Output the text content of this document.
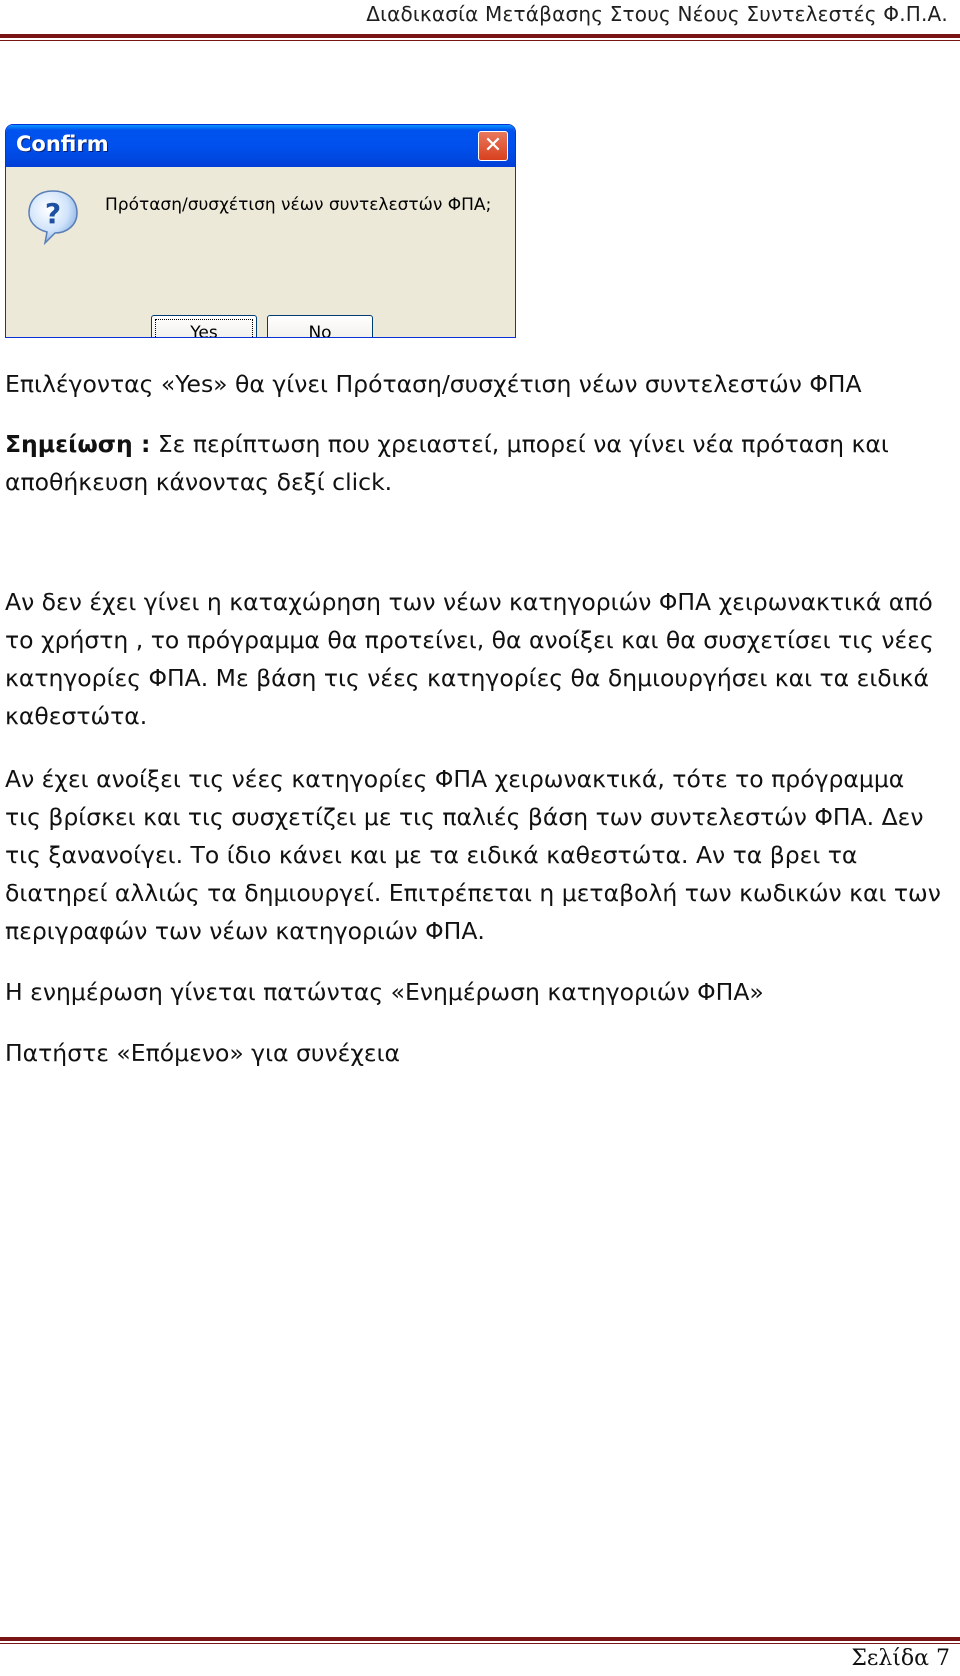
Διαδικασία Μετάβασης Στους Νέους Συντελεστές Φ.Π.Α.
Confirm	✕
?	Πρόταση/συσχέτιση νέων συντελεστών ΦΠΑ;
Yes	No
Επιλέγοντας «Yes» θα γίνει Πρόταση/συσχέτιση νέων συντελεστών ΦΠΑ
Σημείωση : Σε περίπτωση που χρειαστεί, μπορεί να γίνει νέα πρόταση και αποθήκευση κάνοντας δεξί click.
Αν δεν έχει γίνει η καταχώρηση των νέων κατηγοριών ΦΠΑ χειρωνακτικά από το χρήστη , το πρόγραμμα θα προτείνει, θα ανοίξει και θα συσχετίσει τις νέες κατηγορίες ΦΠΑ. Με βάση τις νέες κατηγορίες θα δημιουργήσει και τα ειδικά καθεστώτα.
Αν έχει ανοίξει τις νέες κατηγορίες ΦΠΑ χειρωνακτικά, τότε το πρόγραμμα τις βρίσκει και τις συσχετίζει με τις παλιές βάση των συντελεστών ΦΠΑ. Δεν τις ξανανοίγει. Το ίδιο κάνει και με τα ειδικά καθεστώτα. Αν τα βρει τα διατηρεί αλλιώς τα δημιουργεί. Επιτρέπεται η μεταβολή των κωδικών και των περιγραφών των νέων κατηγοριών ΦΠΑ.
Η ενημέρωση γίνεται πατώντας «Ενημέρωση κατηγοριών ΦΠΑ»
Πατήστε «Επόμενο» για συνέχεια
Σελίδα 7
